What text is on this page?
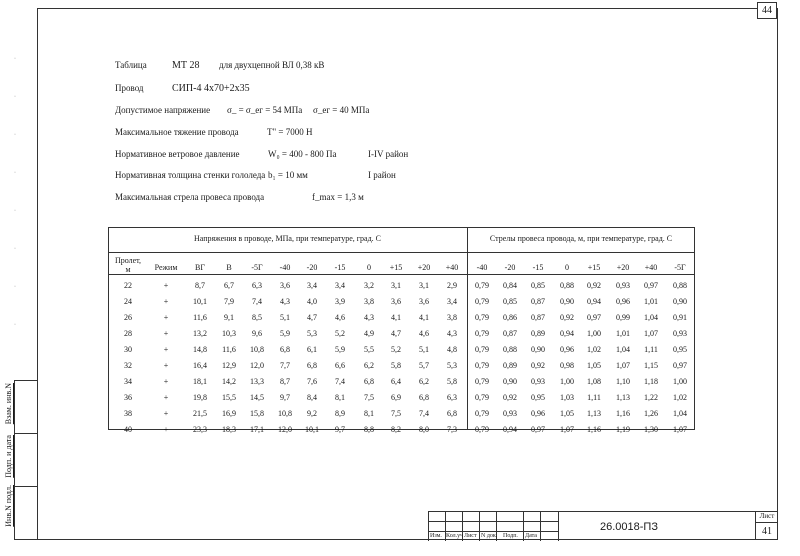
44
·
·
·
·
·
·
·
·
Инв.N подл.
Подп. и дата
Взам. инв.N
Таблица	МТ 28 для двухцепной ВЛ 0,38 кВ
Провод	СИП-4 4х70+2х35
Допустимое напряжение σ_ = σ_ег = 54 МПа σ_ег = 40 МПа
Максимальное тяжение провода	Т" = 7000 Н
Нормативное ветровое давление	W₀ = 400 - 800 Па	I-IV район
Нормативная толщина стенки гололеда b₁ = 10 мм	I район
Максимальная стрела провеса провода	f_max = 1,3 м
Напряжения в проводе, МПа, при температуре, град. С	Стрелы провеса провода, м, при температуре, град. С
Пролет,
м	Режим	ВГ	В	-5Г	-40	-20	-15	0	+15	+20	+40	-40	-20	-15	0	+15	+20	+40	-5Г
22	+	8,7	6,7	6,3	3,6	3,4	3,4	3,2	3,1	3,1	2,9	0,79	0,84	0,85	0,88	0,92	0,93	0,97	0,88
24	+	10,1	7,9	7,4	4,3	4,0	3,9	3,8	3,6	3,6	3,4	0,79	0,85	0,87	0,90	0,94	0,96	1,01	0,90
26	+	11,6	9,1	8,5	5,1	4,7	4,6	4,3	4,1	4,1	3,8	0,79	0,86	0,87	0,92	0,97	0,99	1,04	0,91
28	+	13,2	10,3	9,6	5,9	5,3	5,2	4,9	4,7	4,6	4,3	0,79	0,87	0,89	0,94	1,00	1,01	1,07	0,93
30	+	14,8	11,6	10,8	6,8	6,1	5,9	5,5	5,2	5,1	4,8	0,79	0,88	0,90	0,96	1,02	1,04	1,11	0,95
32	+	16,4	12,9	12,0	7,7	6,8	6,6	6,2	5,8	5,7	5,3	0,79	0,89	0,92	0,98	1,05	1,07	1,15	0,97
34	+	18,1	14,2	13,3	8,7	7,6	7,4	6,8	6,4	6,2	5,8	0,79	0,90	0,93	1,00	1,08	1,10	1,18	1,00
36	+	19,8	15,5	14,5	9,7	8,4	8,1	7,5	6,9	6,8	6,3	0,79	0,92	0,95	1,03	1,11	1,13	1,22	1,02
38	+	21,5	16,9	15,8	10,8	9,2	8,9	8,1	7,5	7,4	6,8	0,79	0,93	0,96	1,05	1,13	1,16	1,26	1,04
40	+	23,3	18,3	17,1	12,0	10,1	9,7	8,8	8,2	8,0	7,3	0,79	0,94	0,97	1,07	1,16	1,19	1,30	1,07
Изм. Кол.уч Лист N док. Подп. Дата
26.0018-ПЗ
Лист
41
